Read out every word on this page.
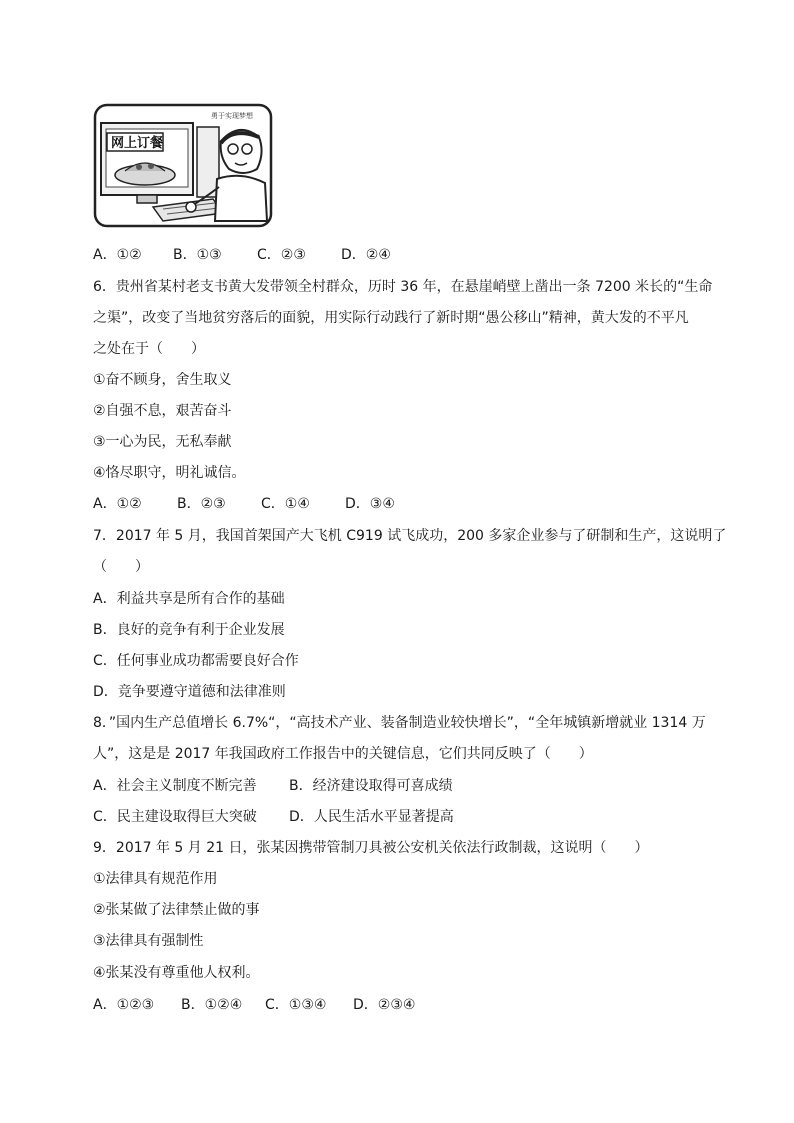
勇于实现梦想
网上订餐
A．①②	B．①③	C．②③	D．②④
6．贵州省某村老支书黄大发带领全村群众，历时 36 年，在悬崖峭壁上凿出一条 7200 米长的“生命
之渠”，改变了当地贫穷落后的面貌，用实际行动践行了新时期“愚公移山”精神，黄大发的不平凡
之处在于（　　）
①奋不顾身，舍生取义
②自强不息，艰苦奋斗
③一心为民，无私奉献
④恪尽职守，明礼诚信。
A．①②	B．②③	C．①④	D．③④
7．2017 年 5 月，我国首架国产大飞机 C919 试飞成功，200 多家企业参与了研制和生产，这说明了
（　　）
A．利益共享是所有合作的基础
B．良好的竞争有利于企业发展
C．任何事业成功都需要良好合作
D．竞争要遵守道德和法律准则
8．”国内生产总值增长 6.7%“，“高技术产业、装备制造业较快增长”，“全年城镇新增就业 1314 万
人”，这是是 2017 年我国政府工作报告中的关键信息，它们共同反映了（　　）
A．社会主义制度不断完善	B．经济建设取得可喜成绩
C．民主建设取得巨大突破	D．人民生活水平显著提高
9．2017 年 5 月 21 日，张某因携带管制刀具被公安机关依法行政制裁，这说明（　　）
①法律具有规范作用
②张某做了法律禁止做的事
③法律具有强制性
④张某没有尊重他人权利。
A．①②③	B．①②④	C．①③④	D．②③④
